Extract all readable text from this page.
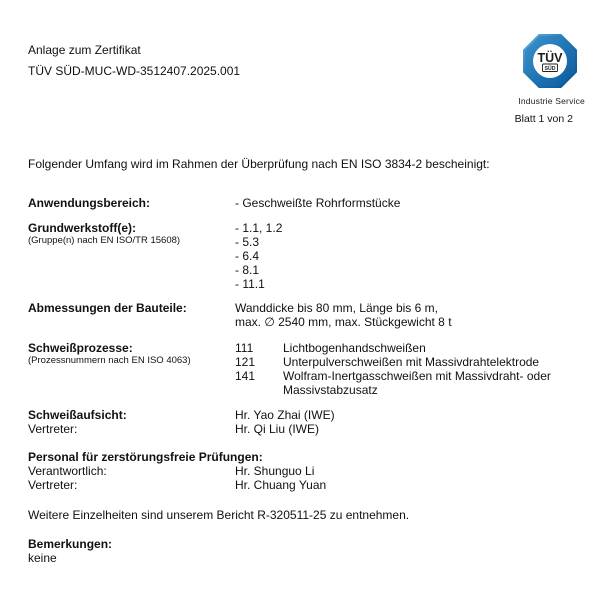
TÜV
SÜD
Industrie Service
Blatt 1 von 2
Anlage zum Zertifikat
TÜV SÜD-MUC-WD-3512407.2025.001
Folgender Umfang wird im Rahmen der Überprüfung nach EN ISO 3834-2 bescheinigt:
Anwendungsbereich:	- Geschweißte Rohrformstücke
Grundwerkstoff(e):
(Gruppe(n) nach EN ISO/TR 15608)
- 1.1, 1.2
- 5.3
- 6.4
- 8.1
- 11.1
Abmessungen der Bauteile:	Wanddicke bis 80 mm, Länge bis 6 m,
max. ∅ 2540 mm, max. Stückgewicht 8 t
Schweißprozesse:
(Prozessnummern nach EN ISO 4063)
111	Lichtbogenhandschweißen
121	Unterpulverschweißen mit Massivdrahtelektrode
141	Wolfram-Inertgasschweißen mit Massivdraht- oder Massivstabzusatz
Schweißaufsicht:	Hr. Yao Zhai (IWE)
Vertreter:	Hr. Qi Liu (IWE)
Personal für zerstörungsfreie Prüfungen:
Verantwortlich:	Hr. Shunguo Li
Vertreter:	Hr. Chuang Yuan
Weitere Einzelheiten sind unserem Bericht R-320511-25 zu entnehmen.
Bemerkungen:
keine
